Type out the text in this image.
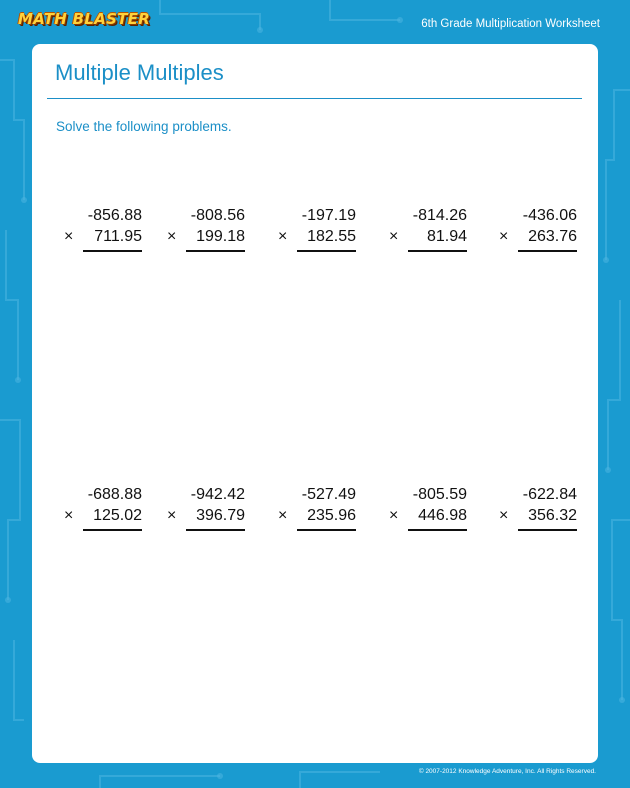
MATH BLASTER	6th Grade Multiplication Worksheet
Multiple Multiples

Solve the following problems.

-856.88
×	711.95
-808.56
×	199.18
-197.19
×	182.55
-814.26
×	81.94
-436.06
×	263.76
-688.88
×	125.02
-942.42
×	396.79
-527.49
×	235.96
-805.59
×	446.98
-622.84
×	356.32
© 2007-2012 Knowledge Adventure, Inc. All Rights Reserved.
